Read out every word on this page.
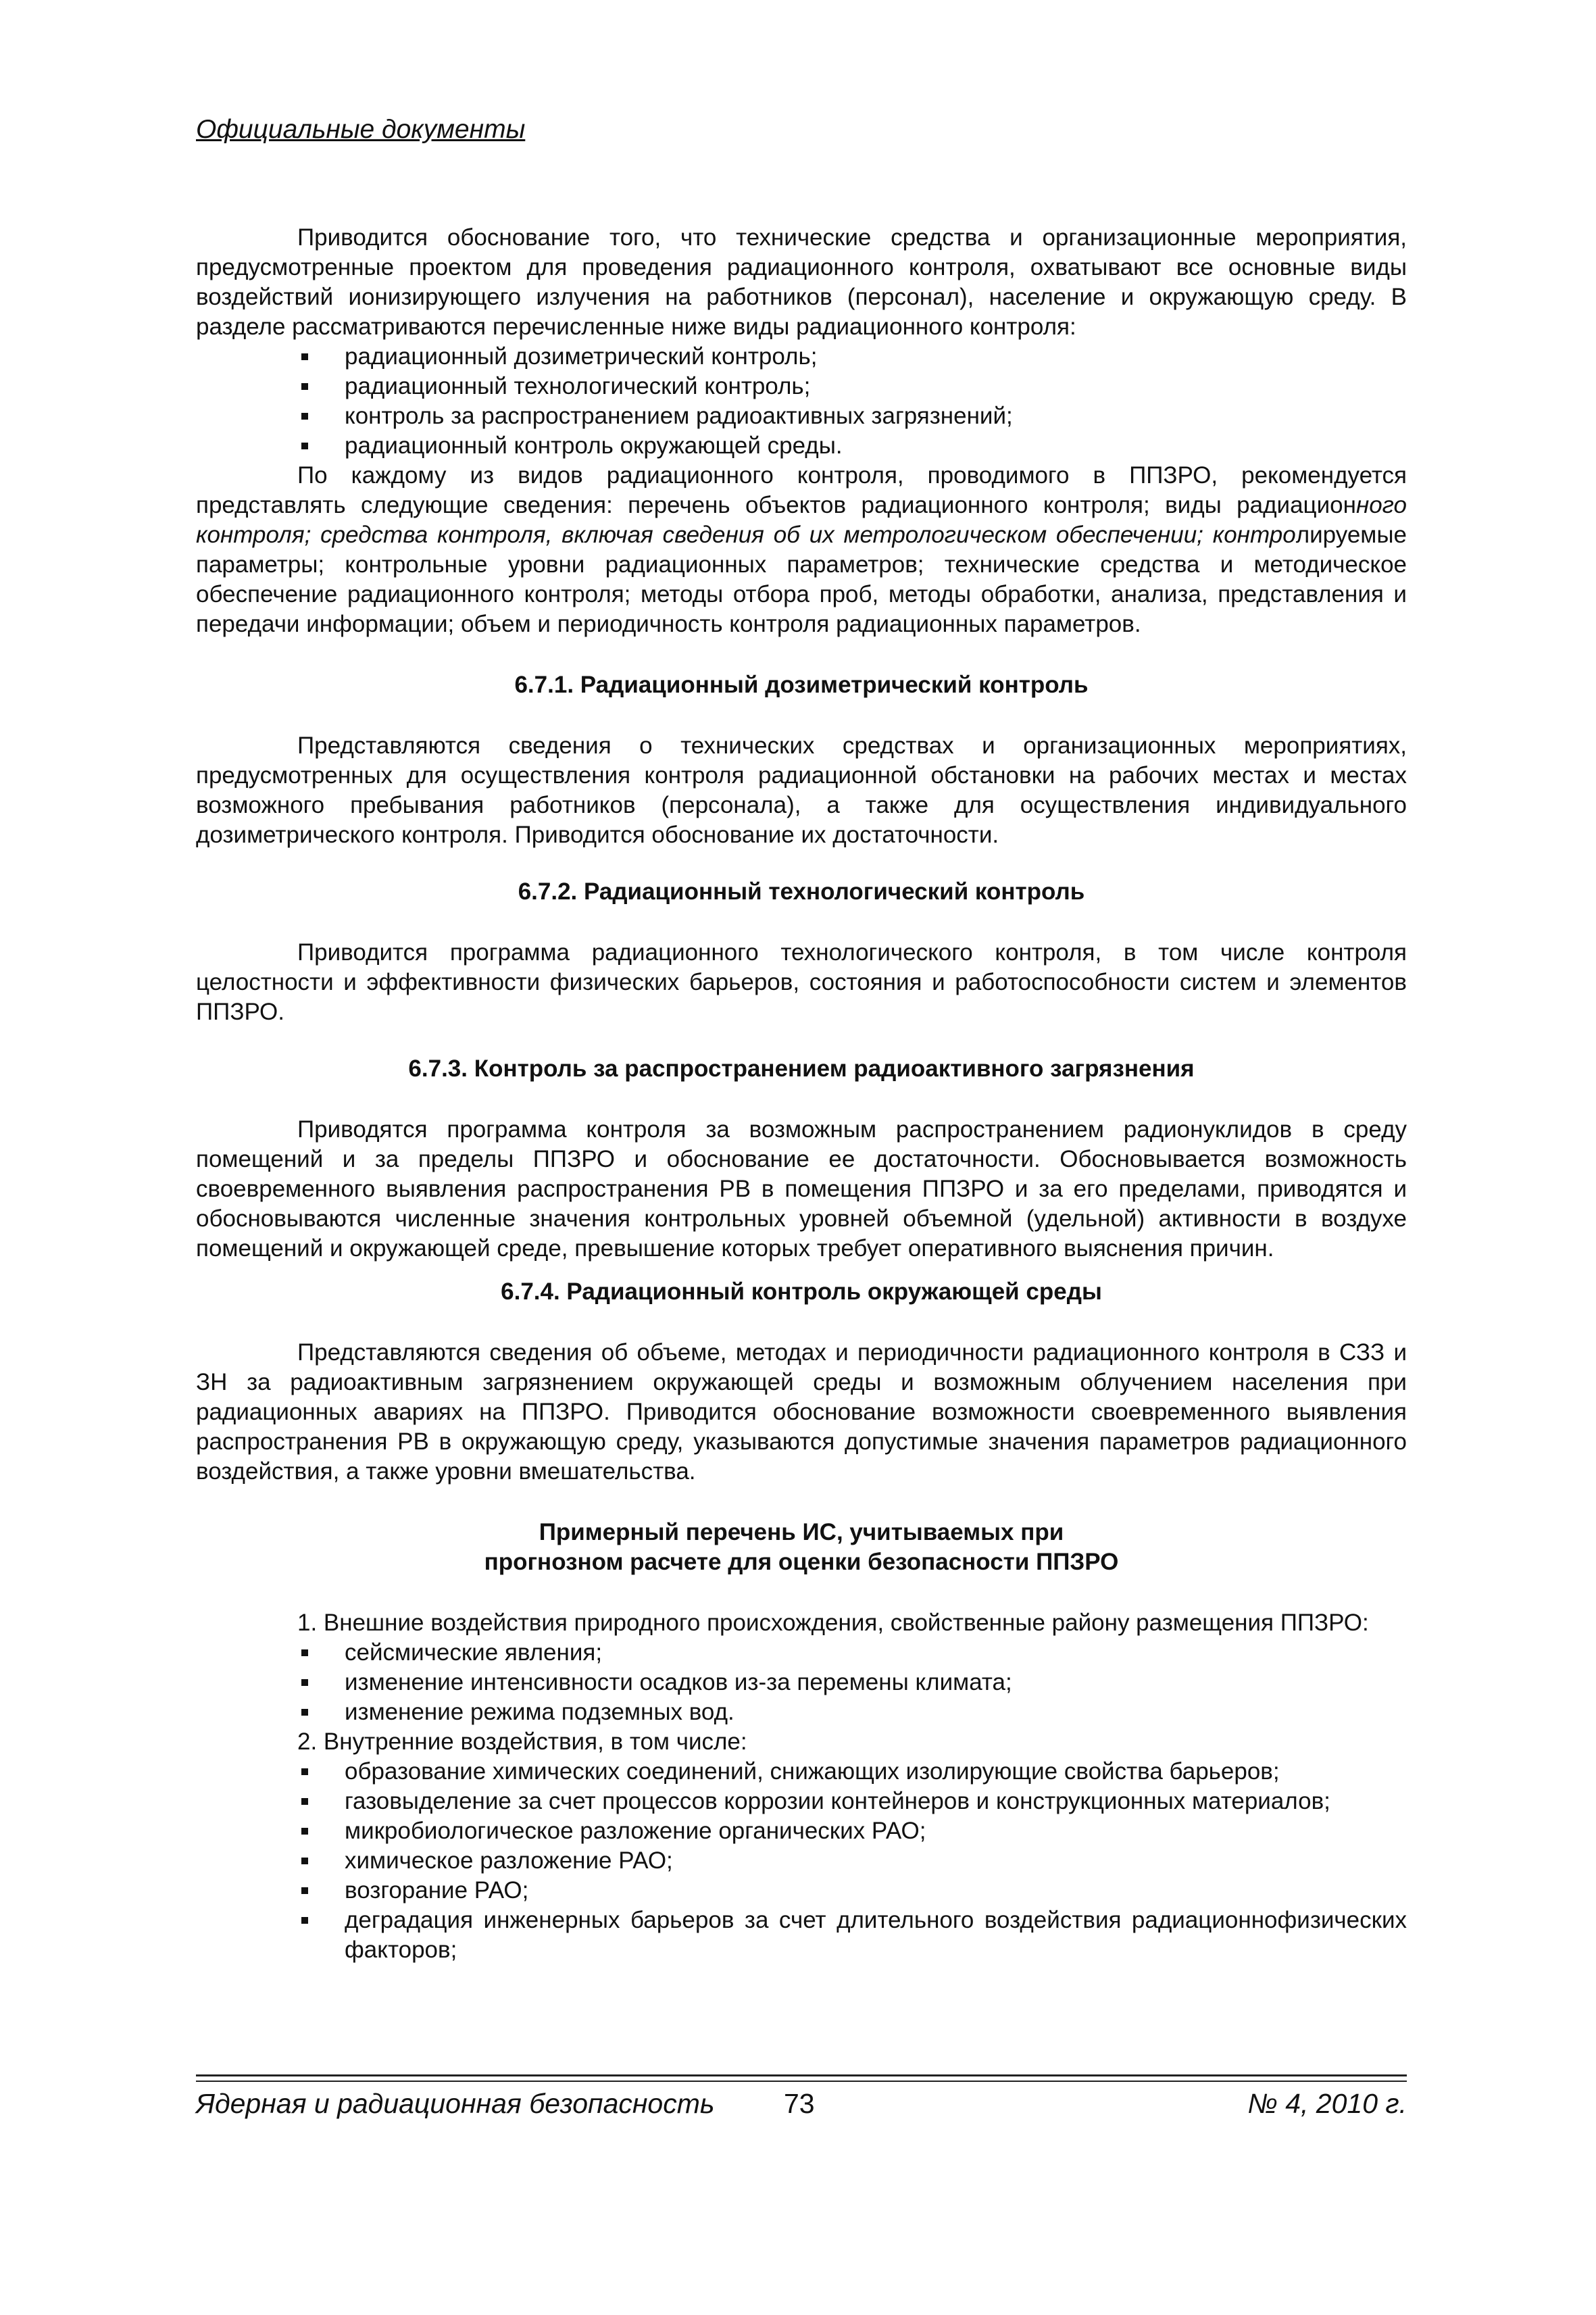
Официальные документы

Приводится обоснование того, что технические средства и организационные мероприятия, предусмотренные проектом для проведения радиационного контроля, охватывают все основные виды воздействий ионизирующего излучения на работников (персонал), население и окружающую среду. В разделе рассматриваются перечисленные ниже виды радиационного контроля:

радиационный дозиметрический контроль;
радиационный технологический контроль;
контроль за распространением радиоактивных загрязнений;
радиационный контроль окружающей среды.

По каждому из видов радиационного контроля, проводимого в ППЗРО, рекомендуется представлять следующие сведения: перечень объектов радиационного контроля; виды радиационного контроля; средства контроля, включая сведения об их метрологическом обеспечении; контролируемые параметры; контрольные уровни радиационных параметров; технические средства и методическое обеспечение радиационного контроля; методы отбора проб, методы обработки, анализа, представления и передачи информации; объем и периодичность контроля радиационных параметров.

6.7.1. Радиационный дозиметрический контроль

Представляются сведения о технических средствах и организационных мероприятиях, предусмотренных для осуществления контроля радиационной обстановки на рабочих местах и местах возможного пребывания работников (персонала), а также для осуществления индивидуального дозиметрического контроля. Приводится обоснование их достаточности.

6.7.2. Радиационный технологический контроль

Приводится программа радиационного технологического контроля, в том числе контроля целостности и эффективности физических барьеров, состояния и работоспособности систем и элементов ППЗРО.

6.7.3. Контроль за распространением радиоактивного загрязнения

Приводятся программа контроля за возможным распространением радионуклидов в среду помещений и за пределы ППЗРО и обоснование ее достаточности. Обосновывается возможность своевременного выявления распространения РВ в помещения ППЗРО и за его пределами, приводятся и обосновываются численные значения контрольных уровней объемной (удельной) активности в воздухе помещений и окружающей среде, превышение которых требует оперативного выяснения причин.

6.7.4. Радиационный контроль окружающей среды

Представляются сведения об объеме, методах и периодичности радиационного контроля в СЗЗ и ЗН за радиоактивным загрязнением окружающей среды и возможным облучением населения при радиационных авариях на ППЗРО. Приводится обоснование возможности своевременного выявления распространения РВ в окружающую среду, указываются допустимые значения параметров радиационного воздействия, а также уровни вмешательства.

Примерный перечень ИС, учитываемых при
прогнозном расчете для оценки безопасности ППЗРО

1. Внешние воздействия природного происхождения, свойственные району размещения ППЗРО:

сейсмические явления;
изменение интенсивности осадков из-за перемены климата;
изменение режима подземных вод.

2. Внутренние воздействия, в том числе:

образование химических соединений, снижающих изолирующие свойства барьеров;
газовыделение за счет процессов коррозии контейнеров и конструкционных материалов;
микробиологическое разложение органических РАО;
химическое разложение РАО;
возгорание РАО;
деградация инженерных барьеров за счет длительного воздействия радиационнофизических факторов;
Ядерная и радиационная безопасность	73	№ 4, 2010 г.
